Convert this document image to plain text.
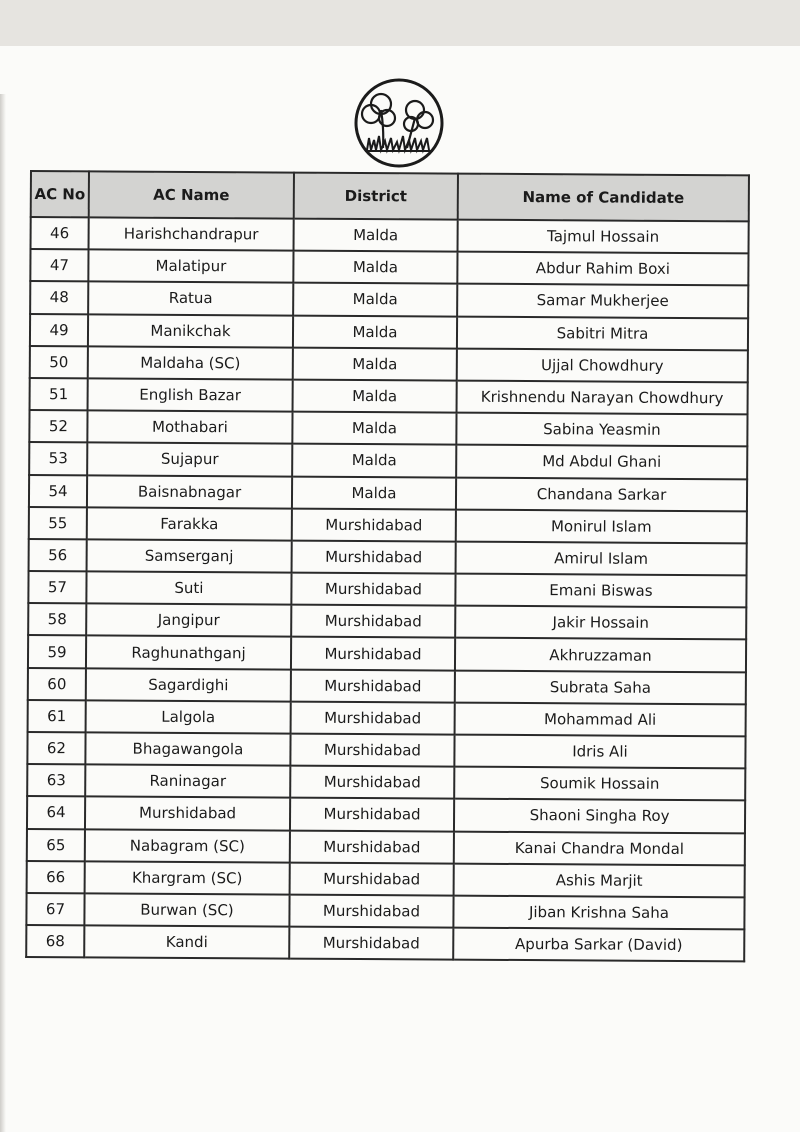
AC No	AC Name	District	Name of Candidate
46	Harishchandrapur	Malda	Tajmul Hossain
47	Malatipur	Malda	Abdur Rahim Boxi
48	Ratua	Malda	Samar Mukherjee
49	Manikchak	Malda	Sabitri Mitra
50	Maldaha (SC)	Malda	Ujjal Chowdhury
51	English Bazar	Malda	Krishnendu Narayan Chowdhury
52	Mothabari	Malda	Sabina Yeasmin
53	Sujapur	Malda	Md Abdul Ghani
54	Baisnabnagar	Malda	Chandana Sarkar
55	Farakka	Murshidabad	Monirul Islam
56	Samserganj	Murshidabad	Amirul Islam
57	Suti	Murshidabad	Emani Biswas
58	Jangipur	Murshidabad	Jakir Hossain
59	Raghunathganj	Murshidabad	Akhruzzaman
60	Sagardighi	Murshidabad	Subrata Saha
61	Lalgola	Murshidabad	Mohammad Ali
62	Bhagawangola	Murshidabad	Idris Ali
63	Raninagar	Murshidabad	Soumik Hossain
64	Murshidabad	Murshidabad	Shaoni Singha Roy
65	Nabagram (SC)	Murshidabad	Kanai Chandra Mondal
66	Khargram (SC)	Murshidabad	Ashis Marjit
67	Burwan (SC)	Murshidabad	Jiban Krishna Saha
68	Kandi	Murshidabad	Apurba Sarkar (David)
